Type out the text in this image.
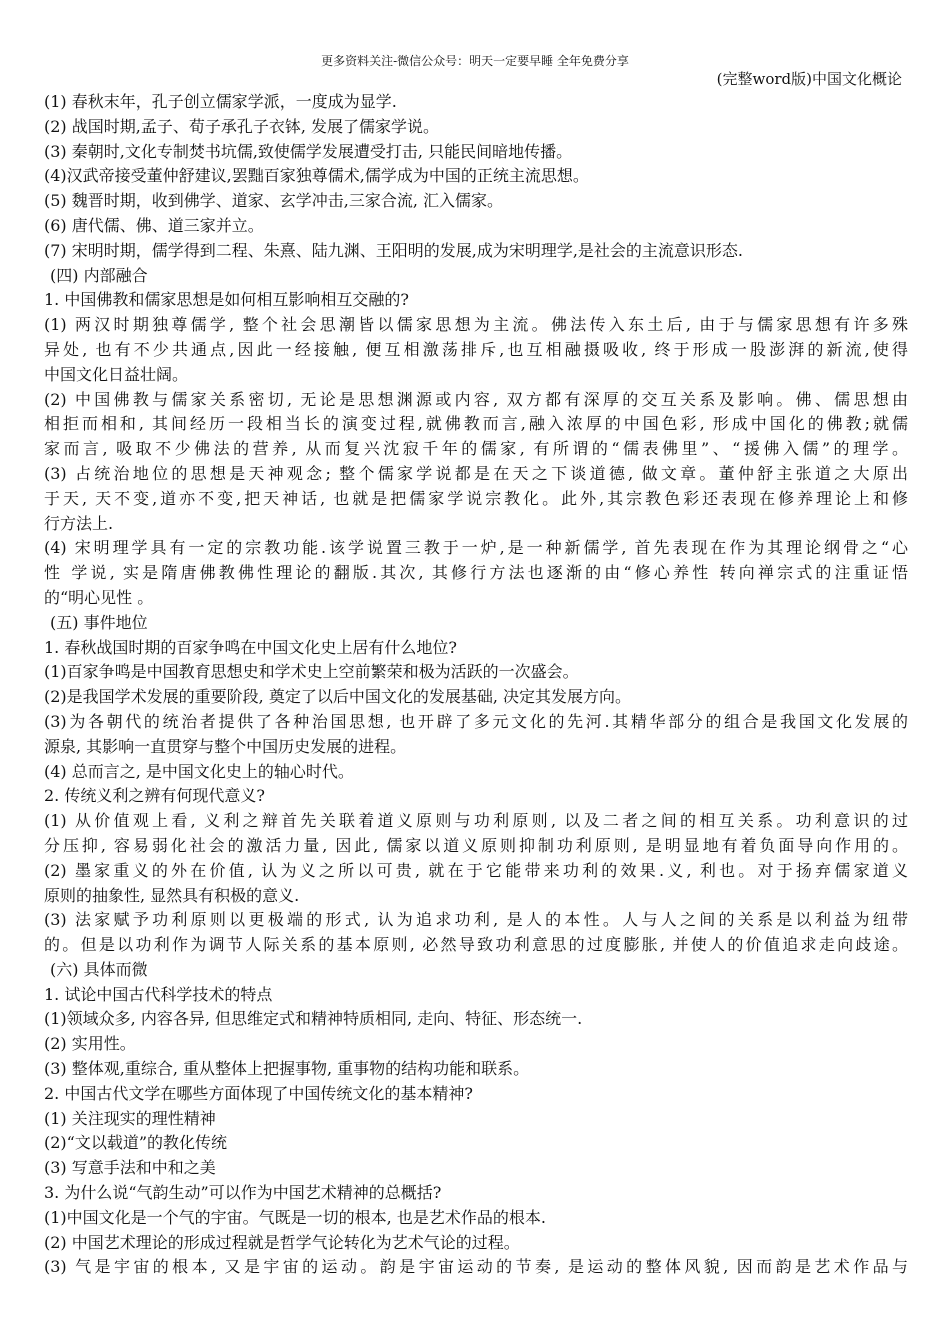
更多资料关注-微信公众号：明天一定要早睡 全年免费分享
(完整word版)中国文化概论
(1) 春秋末年，孔子创立儒家学派，一度成为显学.
(2) 战国时期,孟子、荀子承孔子衣钵, 发展了儒家学说。
(3) 秦朝时,文化专制焚书坑儒,致使儒学发展遭受打击, 只能民间暗地传播。
(4)汉武帝接受董仲舒建议,罢黜百家独尊儒术,儒学成为中国的正统主流思想。
(5) 魏晋时期，收到佛学、道家、玄学冲击,三家合流, 汇入儒家。
(6) 唐代儒、佛、道三家并立。
(7) 宋明时期，儒学得到二程、朱熹、陆九渊、王阳明的发展,成为宋明理学,是社会的主流意识形态.
(四) 内部融合
1. 中国佛教和儒家思想是如何相互影响相互交融的?
(1) 两汉时期独尊儒学, 整个社会思潮皆以儒家思想为主流。佛法传入东土后, 由于与儒家思想有许多殊
异处, 也有不少共通点,因此一经接触, 便互相激荡排斥,也互相融摄吸收, 终于形成一股澎湃的新流,使得
中国文化日益壮阔。
(2) 中国佛教与儒家关系密切, 无论是思想渊源或内容, 双方都有深厚的交互关系及影响。佛、儒思想由
相拒而相和, 其间经历一段相当长的演变过程,就佛教而言,融入浓厚的中国色彩, 形成中国化的佛教;就儒
家而言, 吸取不少佛法的营养, 从而复兴沈寂千年的儒家, 有所谓的“儒表佛里”、“援佛入儒”的理学。
(3) 占统治地位的思想是天神观念; 整个儒家学说都是在天之下谈道德, 做文章。董仲舒主张道之大原出
于天, 天不变,道亦不变,把天神话, 也就是把儒家学说宗教化。此外,其宗教色彩还表现在修养理论上和修
行方法上.
(4) 宋明理学具有一定的宗教功能.该学说置三教于一炉,是一种新儒学, 首先表现在作为其理论纲骨之“心
性 学说, 实是隋唐佛教佛性理论的翻版.其次, 其修行方法也逐渐的由“修心养性 转向禅宗式的注重证悟
的“明心见性 。
(五) 事件地位
1. 春秋战国时期的百家争鸣在中国文化史上居有什么地位?
(1)百家争鸣是中国教育思想史和学术史上空前繁荣和极为活跃的一次盛会。
(2)是我国学术发展的重要阶段, 奠定了以后中国文化的发展基础, 决定其发展方向。
(3)为各朝代的统治者提供了各种治国思想, 也开辟了多元文化的先河.其精华部分的组合是我国文化发展的
源泉, 其影响一直贯穿与整个中国历史发展的进程。
(4) 总而言之, 是中国文化史上的轴心时代。
2. 传统义利之辨有何现代意义?
(1) 从价值观上看, 义利之辩首先关联着道义原则与功利原则, 以及二者之间的相互关系。功利意识的过
分压抑, 容易弱化社会的激活力量, 因此, 儒家以道义原则抑制功利原则, 是明显地有着负面导向作用的。
(2) 墨家重义的外在价值, 认为义之所以可贵, 就在于它能带来功利的效果.义, 利也。对于扬弃儒家道义
原则的抽象性, 显然具有积极的意义.
(3) 法家赋予功利原则以更极端的形式, 认为追求功利, 是人的本性。人与人之间的关系是以利益为纽带
的。但是以功利作为调节人际关系的基本原则, 必然导致功利意思的过度膨胀, 并使人的价值追求走向歧途。
(六) 具体而微
1. 试论中国古代科学技术的特点
(1)领域众多, 内容各异, 但思维定式和精神特质相同, 走向、特征、形态统一.
(2) 实用性。
(3) 整体观,重综合, 重从整体上把握事物, 重事物的结构功能和联系。
2. 中国古代文学在哪些方面体现了中国传统文化的基本精神?
(1) 关注现实的理性精神
(2)“文以载道”的教化传统
(3) 写意手法和中和之美
3. 为什么说“气韵生动”可以作为中国艺术精神的总概括?
(1)中国文化是一个气的宇宙。气既是一切的根本, 也是艺术作品的根本.
(2) 中国艺术理论的形成过程就是哲学气论转化为艺术气论的过程。
(3) 气是宇宙的根本, 又是宇宙的运动。韵是宇宙运动的节奏, 是运动的整体风貌, 因而韵是艺术作品与
